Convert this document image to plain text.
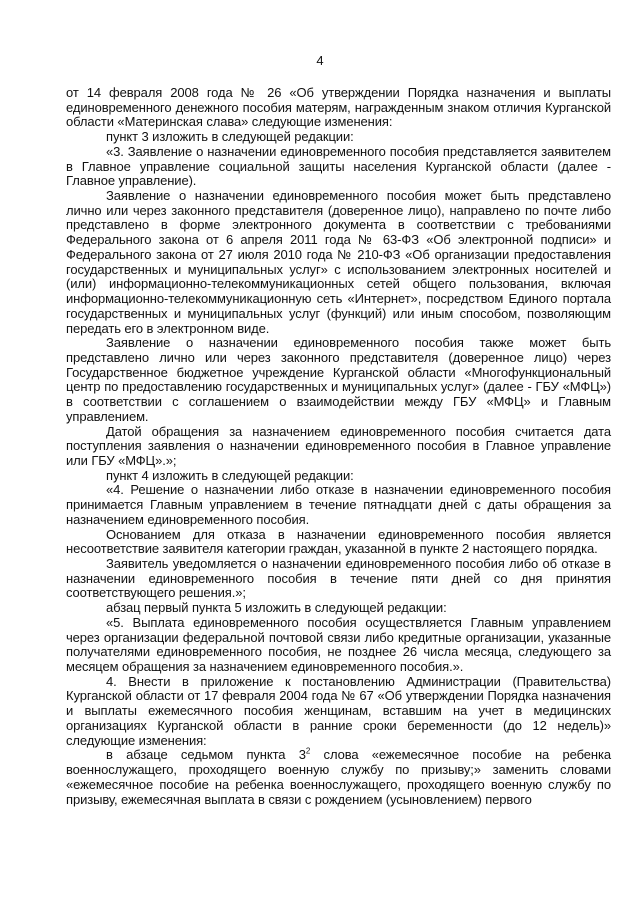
4

от 14 февраля 2008 года № 26 «Об утверждении Порядка назначения и выплаты единовременного денежного пособия матерям, награжденным знаком отличия Курганской области «Материнская слава» следующие изменения:

пункт 3 изложить в следующей редакции:

«3. Заявление о назначении единовременного пособия представляется заявителем в Главное управление социальной защиты населения Курганской области (далее - Главное управление).

Заявление о назначении единовременного пособия может быть представлено лично или через законного представителя (доверенное лицо), направлено по почте либо представлено в форме электронного документа в соответствии с требованиями Федерального закона от 6 апреля 2011 года № 63-ФЗ «Об электронной подписи» и Федерального закона от 27 июля 2010 года № 210-ФЗ «Об организации предоставления государственных и муниципальных услуг» с использованием электронных носителей и (или) информационно-телекоммуникационных сетей общего пользования, включая информационно-телекоммуникационную сеть «Интернет», посредством Единого портала государственных и муниципальных услуг (функций) или иным способом, позволяющим передать его в электронном виде.

Заявление о назначении единовременного пособия также может быть представлено лично или через законного представителя (доверенное лицо) через Государственное бюджетное учреждение Курганской области «Многофункциональный центр по предоставлению государственных и муниципальных услуг» (далее - ГБУ «МФЦ») в соответствии с соглашением о взаимодействии между ГБУ «МФЦ» и Главным управлением.

Датой обращения за назначением единовременного пособия считается дата поступления заявления о назначении единовременного пособия в Главное управление или ГБУ «МФЦ».»;

пункт 4 изложить в следующей редакции:

«4. Решение о назначении либо отказе в назначении единовременного пособия принимается Главным управлением в течение пятнадцати дней с даты обращения за назначением единовременного пособия.

Основанием для отказа в назначении единовременного пособия является несоответствие заявителя категории граждан, указанной в пункте 2 настоящего порядка.

Заявитель уведомляется о назначении единовременного пособия либо об отказе в назначении единовременного пособия в течение пяти дней со дня принятия соответствующего решения.»;

абзац первый пункта 5 изложить в следующей редакции:

«5. Выплата единовременного пособия осуществляется Главным управлением через организации федеральной почтовой связи либо кредитные организации, указанные получателями единовременного пособия, не позднее 26 числа месяца, следующего за месяцем обращения за назначением единовременного пособия.».

4. Внести в приложение к постановлению Администрации (Правительства) Курганской области от 17 февраля 2004 года № 67 «Об утверждении Порядка назначения и выплаты ежемесячного пособия женщинам, вставшим на учет в медицинских организациях Курганской области в ранние сроки беременности (до 12 недель)» следующие изменения:

в абзаце седьмом пункта $3^2$ слова «ежемесячное пособие на ребенка военнослужащего, проходящего военную службу по призыву;» заменить словами «ежемесячное пособие на ребенка военнослужащего, проходящего военную службу по призыву, ежемесячная выплата в связи с рождением (усыновлением) первого
